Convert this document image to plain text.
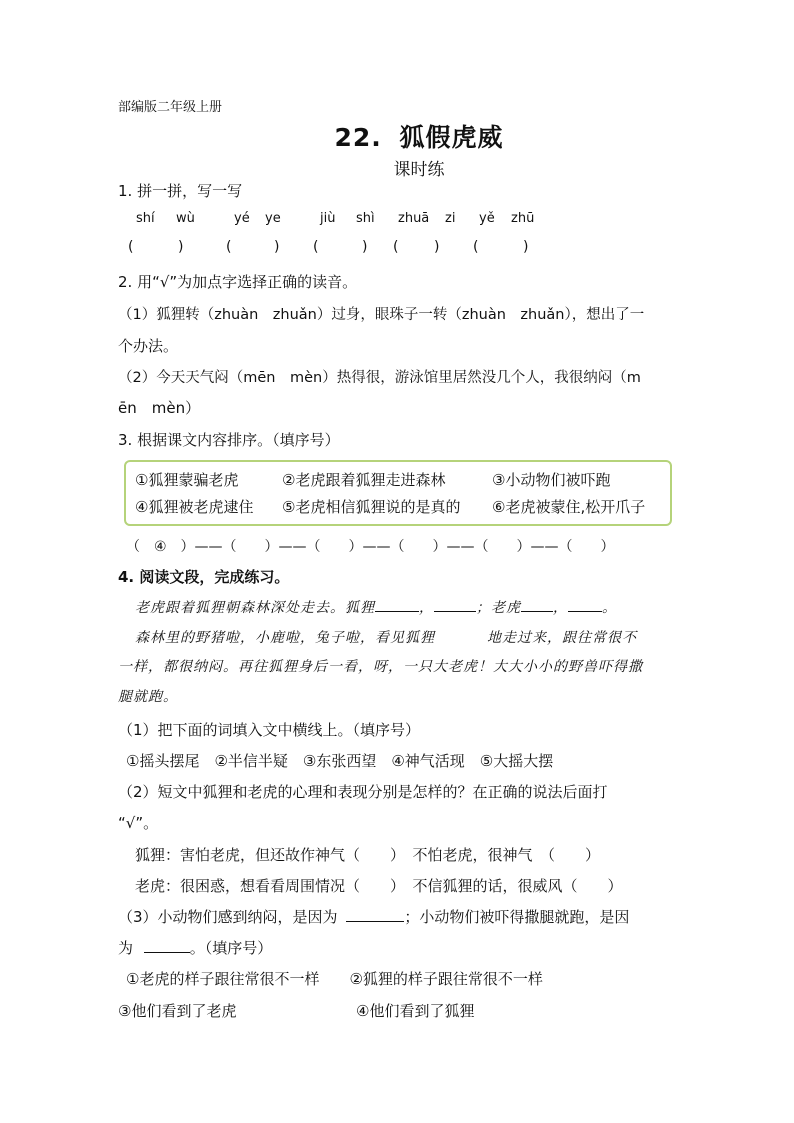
部编版二年级上册
22. 狐假虎威
课时练
1. 拼一拼，写一写
shí wù	yé ye	jiù shì zhuā zi yě zhū
(	)	(	) (	) (	) (	)
2. 用“√”为加点字选择正确的读音。
（1）狐狸转（zhuàn　zhuǎn）过身，眼珠子一转（zhuàn　zhuǎn），想出了一
个办法。
（2）今天天气闷（mēn　mèn）热得很，游泳馆里居然没几个人，我很纳闷（m
ēn　mèn）
3. 根据课文内容排序。（填序号）
①狐狸蒙骗老虎	②老虎跟着狐狸走进森林	③小动物们被吓跑
④狐狸被老虎逮住 ⑤老虎相信狐狸说的是真的 ⑥老虎被蒙住,松开爪子
（　④　）——（　　）——（　　）——（　　）——（　　）——（　　）
4. 阅读文段，完成练习。
老虎跟着狐狸朝森林深处走去。狐狸	，	；老虎 ， 。
森林里的野猪啦，小鹿啦，兔子啦，看见狐狸	地走过来，跟往常很不
一样，都很纳闷。再往狐狸身后一看，呀，一只大老虎！大大小小的野兽吓得撒
腿就跑。
（1）把下面的词填入文中横线上。（填序号）
①摇头摆尾　②半信半疑　③东张西望　④神气活现　⑤大摇大摆
（2）短文中狐狸和老虎的心理和表现分别是怎样的？在正确的说法后面打
“√”。
狐狸：害怕老虎，但还故作神气（　　）　不怕老虎，很神气　（　　）
老虎：很困惑，想看看周围情况（　　）　不信狐狸的话，很威风（　　）
（3）小动物们感到纳闷，是因为	；小动物们被吓得撒腿就跑，是因
为	。（填序号）
①老虎的样子跟往常很不一样　　②狐狸的样子跟往常很不一样
③他们看到了老虎	④他们看到了狐狸
